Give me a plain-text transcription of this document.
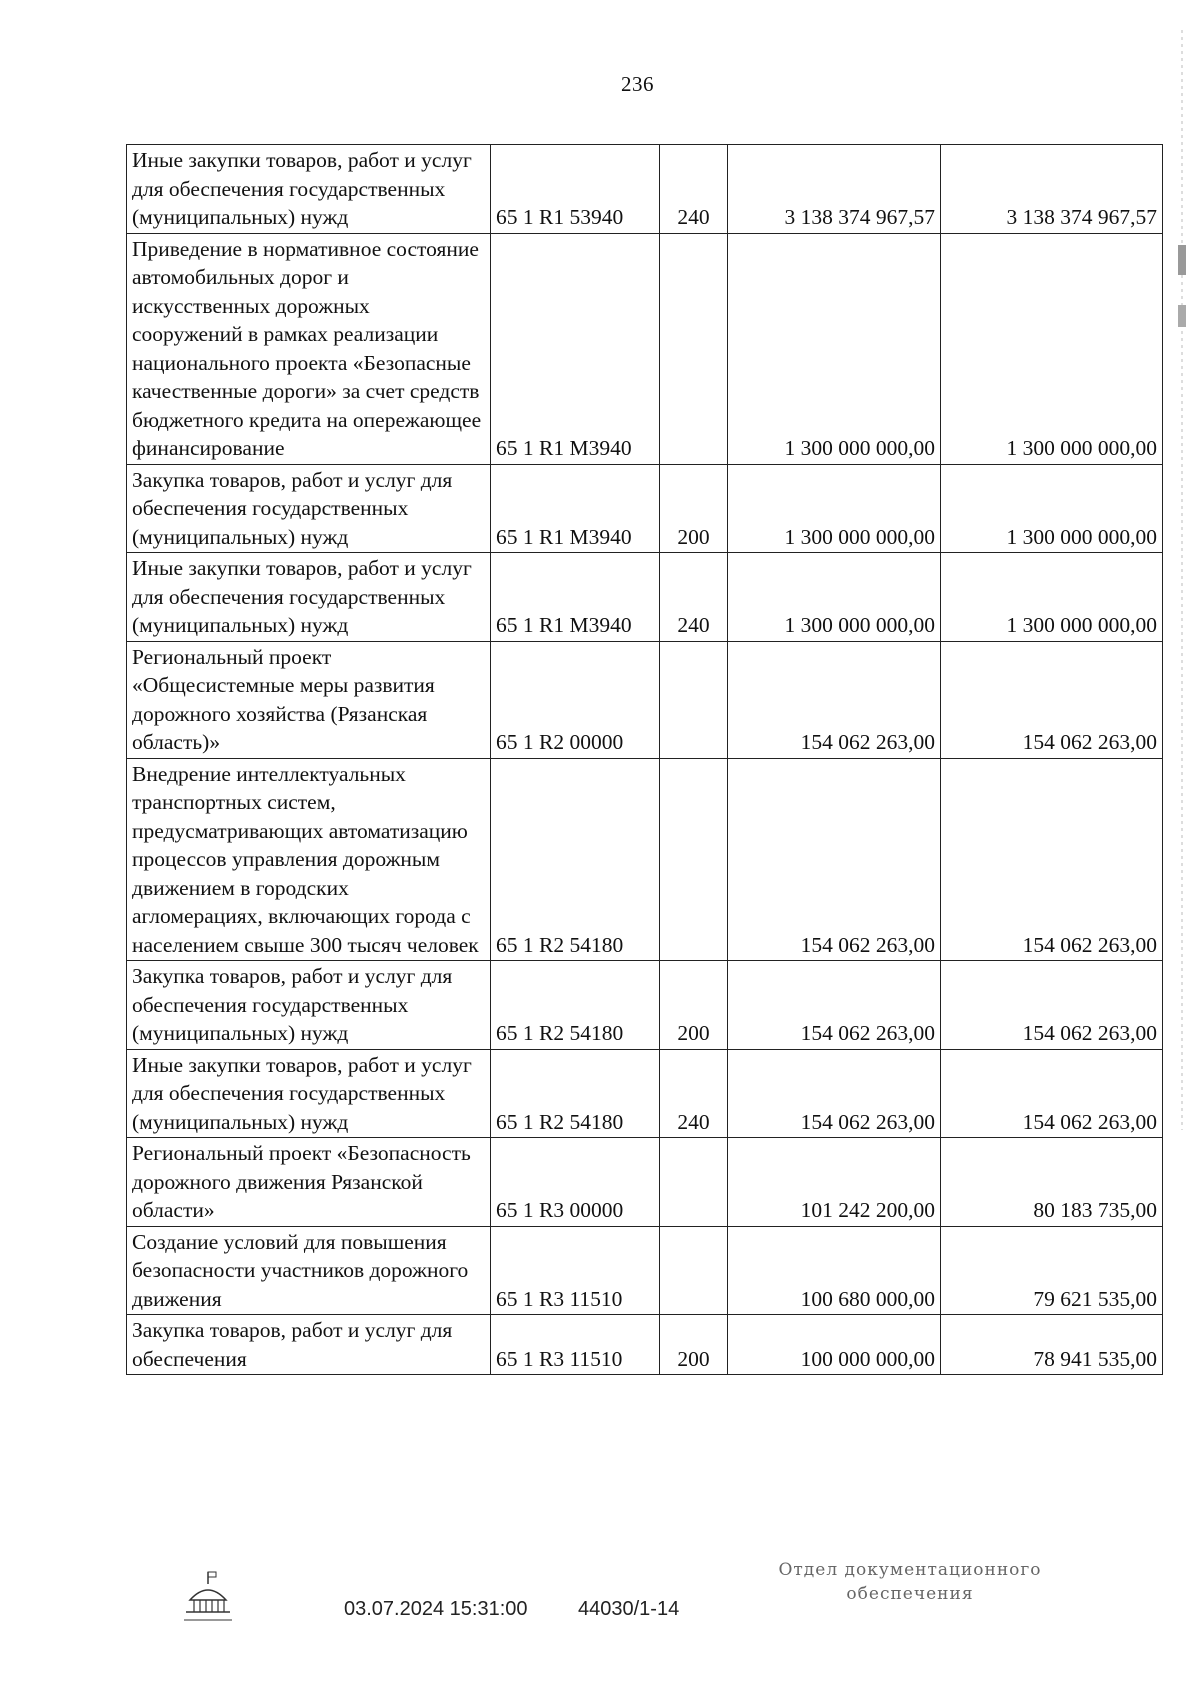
236
Иные закупки товаров, работ и услуг для обеспечения государственных (муниципальных) нужд	65 1 R1 53940	240	3 138 374 967,57	3 138 374 967,57
Приведение в нормативное состояние автомобильных дорог и искусственных дорожных сооружений в рамках реализации национального проекта «Безопасные качественные дороги» за счет средств бюджетного кредита на опережающее финансирование	65 1 R1 M3940		1 300 000 000,00	1 300 000 000,00
Закупка товаров, работ и услуг для обеспечения государственных (муниципальных) нужд	65 1 R1 M3940	200	1 300 000 000,00	1 300 000 000,00
Иные закупки товаров, работ и услуг для обеспечения государственных (муниципальных) нужд	65 1 R1 M3940	240	1 300 000 000,00	1 300 000 000,00
Региональный проект «Общесистемные меры развития дорожного хозяйства (Рязанская область)»	65 1 R2 00000		154 062 263,00	154 062 263,00
Внедрение интеллектуальных транспортных систем, предусматривающих автоматизацию процессов управления дорожным движением в городских агломерациях, включающих города с населением свыше 300 тысяч человек	65 1 R2 54180		154 062 263,00	154 062 263,00
Закупка товаров, работ и услуг для обеспечения государственных (муниципальных) нужд	65 1 R2 54180	200	154 062 263,00	154 062 263,00
Иные закупки товаров, работ и услуг для обеспечения государственных (муниципальных) нужд	65 1 R2 54180	240	154 062 263,00	154 062 263,00
Региональный проект «Безопасность дорожного движения Рязанской области»	65 1 R3 00000		101 242 200,00	80 183 735,00
Создание условий для повышения безопасности участников дорожного движения	65 1 R3 11510		100 680 000,00	79 621 535,00
Закупка товаров, работ и услуг для обеспечения	65 1 R3 11510	200	100 000 000,00	78 941 535,00
03.07.2024 15:31:00	44030/1-14
Отдел документационного
обеспечения
